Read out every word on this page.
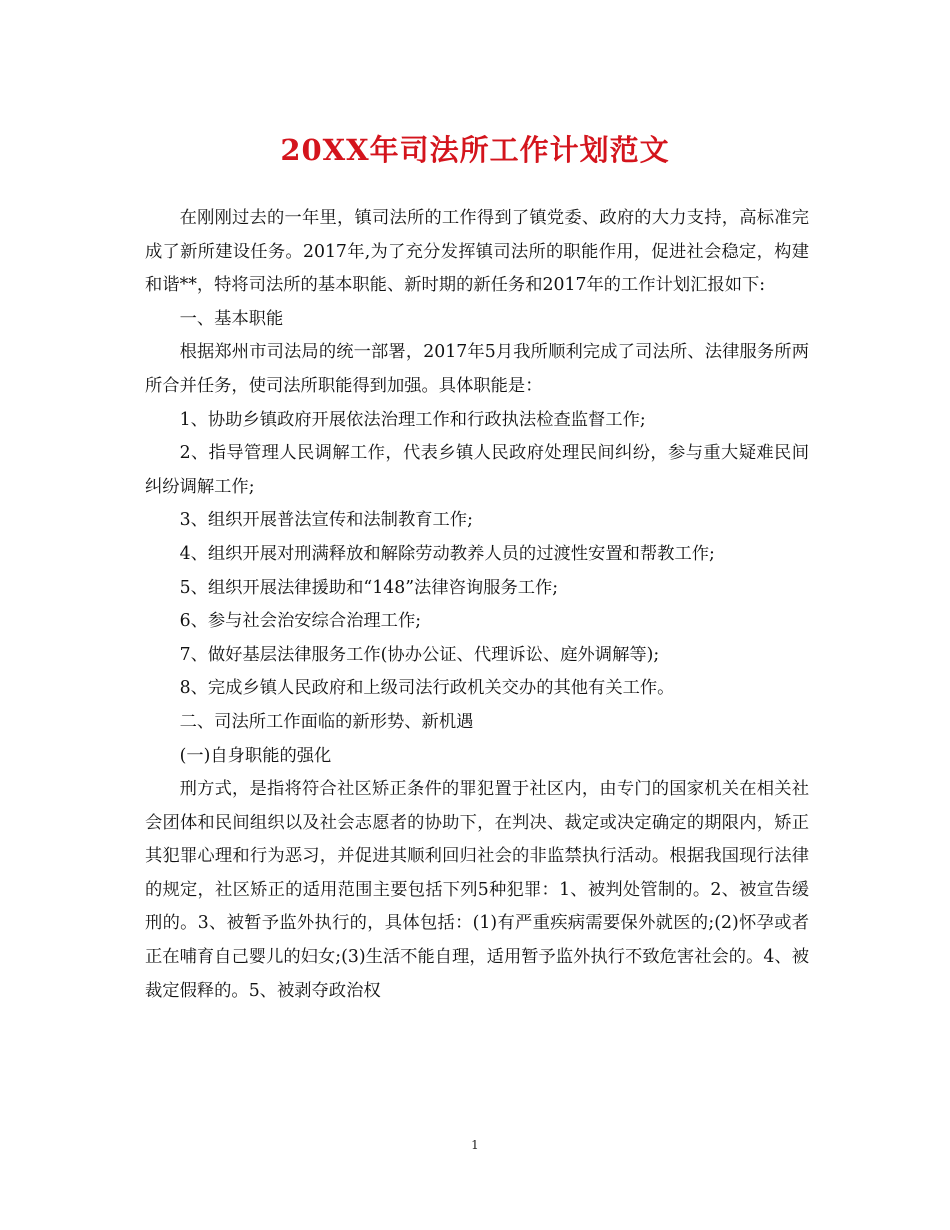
20XX年司法所工作计划范文

在刚刚过去的一年里，镇司法所的工作得到了镇党委、政府的大力支持，高标准完成了新所建设任务。2017年,为了充分发挥镇司法所的职能作用，促进社会稳定，构建和谐**，特将司法所的基本职能、新时期的新任务和2017年的工作计划汇报如下:

一、基本职能

根据郑州市司法局的统一部署，2017年5月我所顺利完成了司法所、法律服务所两所合并任务，使司法所职能得到加强。具体职能是：

1、协助乡镇政府开展依法治理工作和行政执法检查监督工作;

2、指导管理人民调解工作，代表乡镇人民政府处理民间纠纷，参与重大疑难民间纠纷调解工作;

3、组织开展普法宣传和法制教育工作;

4、组织开展对刑满释放和解除劳动教养人员的过渡性安置和帮教工作;

5、组织开展法律援助和“148”法律咨询服务工作;

6、参与社会治安综合治理工作;

7、做好基层法律服务工作(协办公证、代理诉讼、庭外调解等);

8、完成乡镇人民政府和上级司法行政机关交办的其他有关工作。

二、司法所工作面临的新形势、新机遇

(一)自身职能的强化

刑方式，是指将符合社区矫正条件的罪犯置于社区内，由专门的国家机关在相关社会团体和民间组织以及社会志愿者的协助下，在判决、裁定或决定确定的期限内，矫正其犯罪心理和行为恶习，并促进其顺利回归社会的非监禁执行活动。根据我国现行法律的规定，社区矫正的适用范围主要包括下列5种犯罪：1、被判处管制的。2、被宣告缓刑的。3、被暂予监外执行的，具体包括：(1)有严重疾病需要保外就医的;(2)怀孕或者正在哺育自己婴儿的妇女;(3)生活不能自理，适用暂予监外执行不致危害社会的。4、被裁定假释的。5、被剥夺政治权

1
